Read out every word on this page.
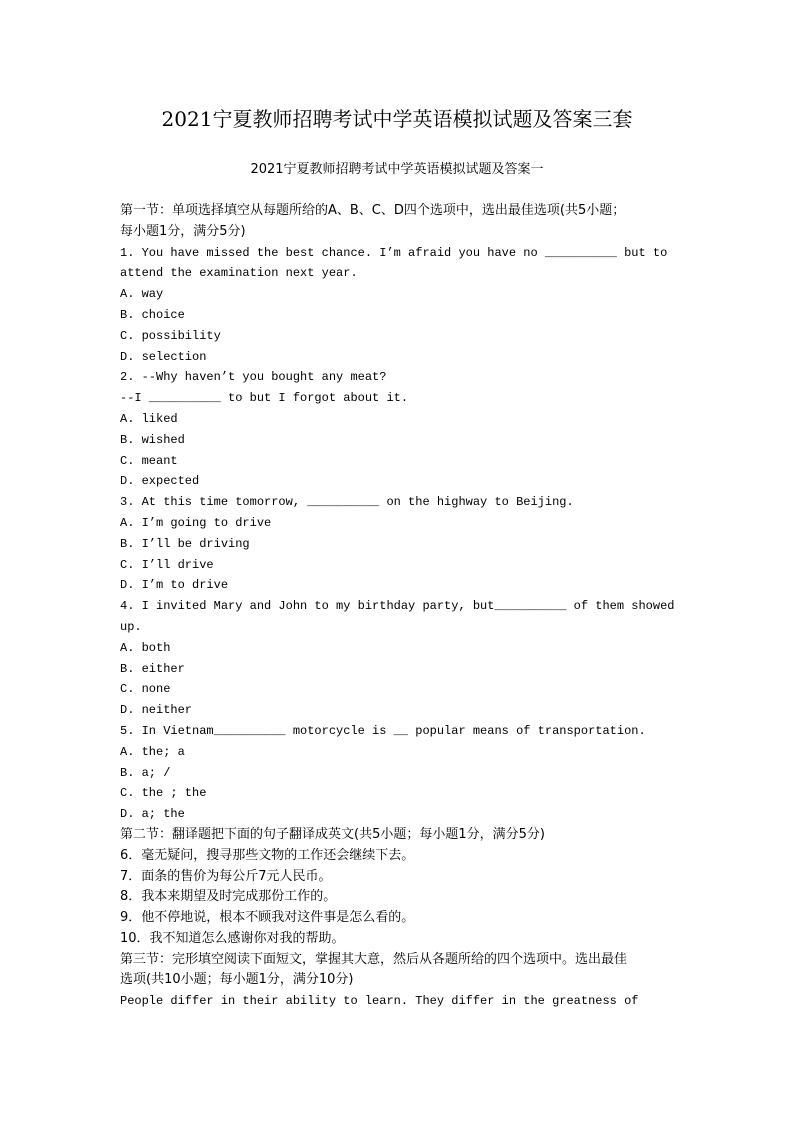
2021宁夏教师招聘考试中学英语模拟试题及答案三套
2021宁夏教师招聘考试中学英语模拟试题及答案一
第一节：单项选择填空从每题所给的A、B、C、D四个选项中，选出最佳选项(共5小题；
每小题1分，满分5分)
1. You have missed the best chance. I’m afraid you have no __________ but to
attend the examination next year.
A. way
B. choice
C. possibility
D. selection
2. --Why haven’t you bought any meat?
--I __________ to but I forgot about it.
A. liked
B. wished
C. meant
D. expected
3. At this time tomorrow, __________ on the highway to Beijing.
A. I’m going to drive
B. I’ll be driving
C. I’ll drive
D. I’m to drive
4. I invited Mary and John to my birthday party, but__________ of them showed
up.
A. both
B. either
C. none
D. neither
5. In Vietnam__________ motorcycle is __ popular means of transportation.
A. the; a
B. a; /
C. the ; the
D. a; the
第二节：翻译题把下面的句子翻译成英文(共5小题；每小题1分，满分5分)
6．毫无疑问，搜寻那些文物的工作还会继续下去。
7．面条的售价为每公斤7元人民币。
8．我本来期望及时完成那份工作的。
9．他不停地说，根本不顾我对这件事是怎么看的。
10．我不知道怎么感谢你对我的帮助。
第三节：完形填空阅读下面短文，掌握其大意，然后从各题所给的四个选项中。选出最佳
选项(共10小题；每小题1分，满分10分)
People differ in their ability to learn. They differ in the greatness of
